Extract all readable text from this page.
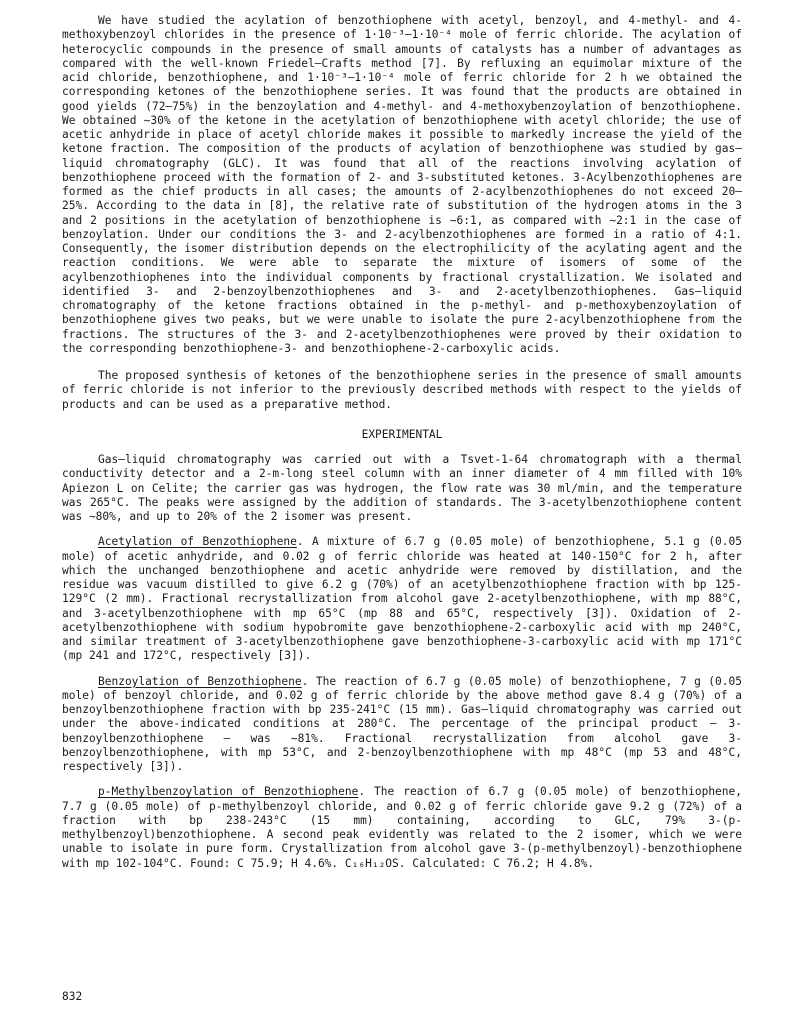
We have studied the acylation of benzothiophene with acetyl, benzoyl, and 4-methyl- and 4-methoxybenzoyl chlorides in the presence of 1·10⁻³–1·10⁻⁴ mole of ferric chloride. The acylation of heterocyclic compounds in the presence of small amounts of catalysts has a number of advantages as compared with the well-known Friedel–Crafts method [7]. By refluxing an equimolar mixture of the acid chloride, benzothiophene, and 1·10⁻³–1·10⁻⁴ mole of ferric chloride for 2 h we obtained the corresponding ketones of the benzothiophene series. It was found that the products are obtained in good yields (72–75%) in the benzoylation and 4-methyl- and 4-methoxybenzoylation of benzothiophene. We obtained ∼30% of the ketone in the acetylation of benzothiophene with acetyl chloride; the use of acetic anhydride in place of acetyl chloride makes it possible to markedly increase the yield of the ketone fraction. The composition of the products of acylation of benzothiophene was studied by gas–liquid chromatography (GLC). It was found that all of the reactions involving acylation of benzothiophene proceed with the formation of 2- and 3-substituted ketones. 3-Acylbenzothiophenes are formed as the chief products in all cases; the amounts of 2-acylbenzothiophenes do not exceed 20–25%. According to the data in [8], the relative rate of substitution of the hydrogen atoms in the 3 and 2 positions in the acetylation of benzothiophene is ∼6:1, as compared with ∼2:1 in the case of benzoylation. Under our conditions the 3- and 2-acylbenzothiophenes are formed in a ratio of 4:1. Consequently, the isomer distribution depends on the electrophilicity of the acylating agent and the reaction conditions. We were able to separate the mixture of isomers of some of the acylbenzothiophenes into the individual components by fractional crystallization. We isolated and identified 3- and 2-benzoylbenzothiophenes and 3- and 2-acetylbenzothiophenes. Gas–liquid chromatography of the ketone fractions obtained in the p-methyl- and p-methoxybenzoylation of benzothiophene gives two peaks, but we were unable to isolate the pure 2-acylbenzothiophene from the fractions. The structures of the 3- and 2-acetylbenzothiophenes were proved by their oxidation to the corresponding benzothiophene-3- and benzothiophene-2-carboxylic acids.

The proposed synthesis of ketones of the benzothiophene series in the presence of small amounts of ferric chloride is not inferior to the previously described methods with respect to the yields of products and can be used as a preparative method.

EXPERIMENTAL

Gas–liquid chromatography was carried out with a Tsvet-1-64 chromatograph with a thermal conductivity detector and a 2-m-long steel column with an inner diameter of 4 mm filled with 10% Apiezon L on Celite; the carrier gas was hydrogen, the flow rate was 30 ml/min, and the temperature was 265°C. The peaks were assigned by the addition of standards. The 3-acetylbenzothiophene content was ∼80%, and up to 20% of the 2 isomer was present.

Acetylation of Benzothiophene. A mixture of 6.7 g (0.05 mole) of benzothiophene, 5.1 g (0.05 mole) of acetic anhydride, and 0.02 g of ferric chloride was heated at 140-150°C for 2 h, after which the unchanged benzothiophene and acetic anhydride were removed by distillation, and the residue was vacuum distilled to give 6.2 g (70%) of an acetylbenzothiophene fraction with bp 125-129°C (2 mm). Fractional recrystallization from alcohol gave 2-acetylbenzothiophene, with mp 88°C, and 3-acetylbenzothiophene with mp 65°C (mp 88 and 65°C, respectively [3]). Oxidation of 2-acetylbenzothiophene with sodium hypobromite gave benzothiophene-2-carboxylic acid with mp 240°C, and similar treatment of 3-acetylbenzothiophene gave benzothiophene-3-carboxylic acid with mp 171°C (mp 241 and 172°C, respectively [3]).

Benzoylation of Benzothiophene. The reaction of 6.7 g (0.05 mole) of benzothiophene, 7 g (0.05 mole) of benzoyl chloride, and 0.02 g of ferric chloride by the above method gave 8.4 g (70%) of a benzoylbenzothiophene fraction with bp 235-241°C (15 mm). Gas–liquid chromatography was carried out under the above-indicated conditions at 280°C. The percentage of the principal product — 3-benzoylbenzothiophene — was ∼81%. Fractional recrystallization from alcohol gave 3-benzoylbenzothiophene, with mp 53°C, and 2-benzoylbenzothiophene with mp 48°C (mp 53 and 48°C, respectively [3]).

p-Methylbenzoylation of Benzothiophene. The reaction of 6.7 g (0.05 mole) of benzothiophene, 7.7 g (0.05 mole) of p-methylbenzoyl chloride, and 0.02 g of ferric chloride gave 9.2 g (72%) of a fraction with bp 238-243°C (15 mm) containing, according to GLC, 79% 3-(p-methylbenzoyl)benzothiophene. A second peak evidently was related to the 2 isomer, which we were unable to isolate in pure form. Crystallization from alcohol gave 3-(p-methylbenzoyl)-benzothiophene with mp 102-104°C. Found: C 75.9; H 4.6%. C₁₆H₁₂OS. Calculated: C 76.2; H 4.8%.

832
